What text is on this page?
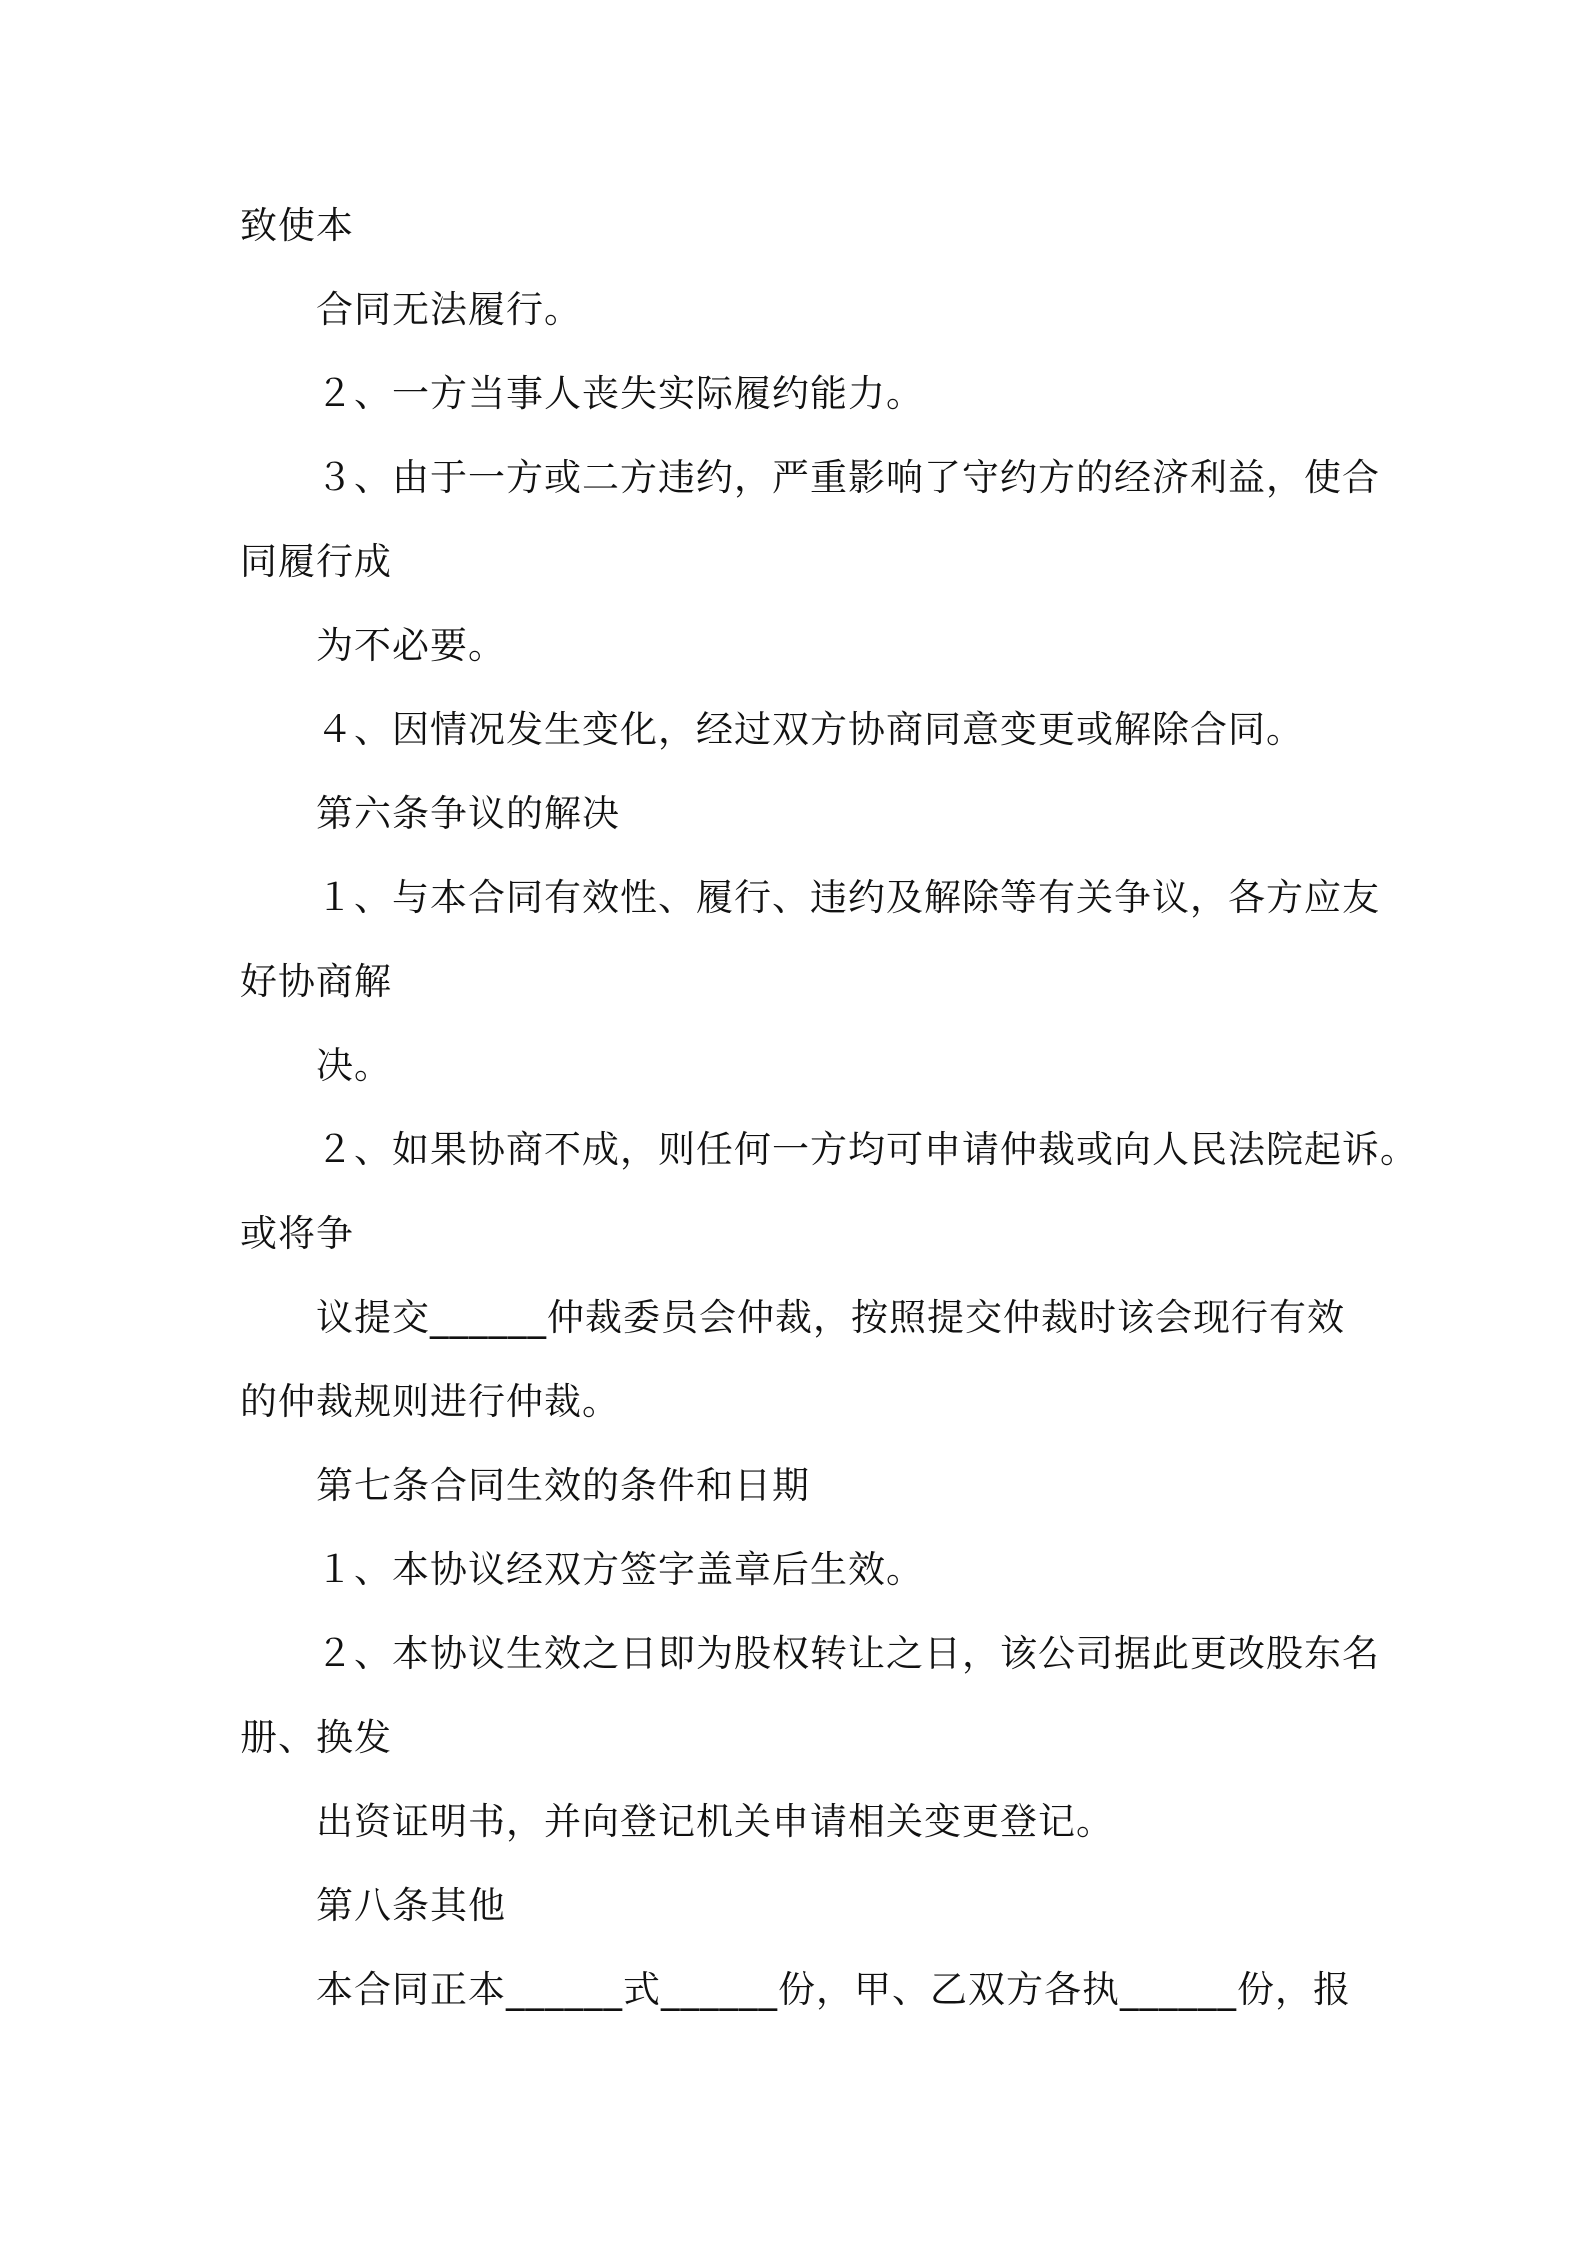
致使本
合同无法履行。
２、一方当事人丧失实际履约能力。
３、由于一方或二方违约，严重影响了守约方的经济利益，使合
同履行成
为不必要。
４、因情况发生变化，经过双方协商同意变更或解除合同。
第六条争议的解决
１、与本合同有效性、履行、违约及解除等有关争议，各方应友
好协商解
决。
２、如果协商不成，则任何一方均可申请仲裁或向人民法院起诉。
或将争
议提交______仲裁委员会仲裁，按照提交仲裁时该会现行有效
的仲裁规则进行仲裁。
第七条合同生效的条件和日期
１、本协议经双方签字盖章后生效。
２、本协议生效之日即为股权转让之日，该公司据此更改股东名
册、换发
出资证明书，并向登记机关申请相关变更登记。
第八条其他
本合同正本______式______份，甲、乙双方各执______份，报
